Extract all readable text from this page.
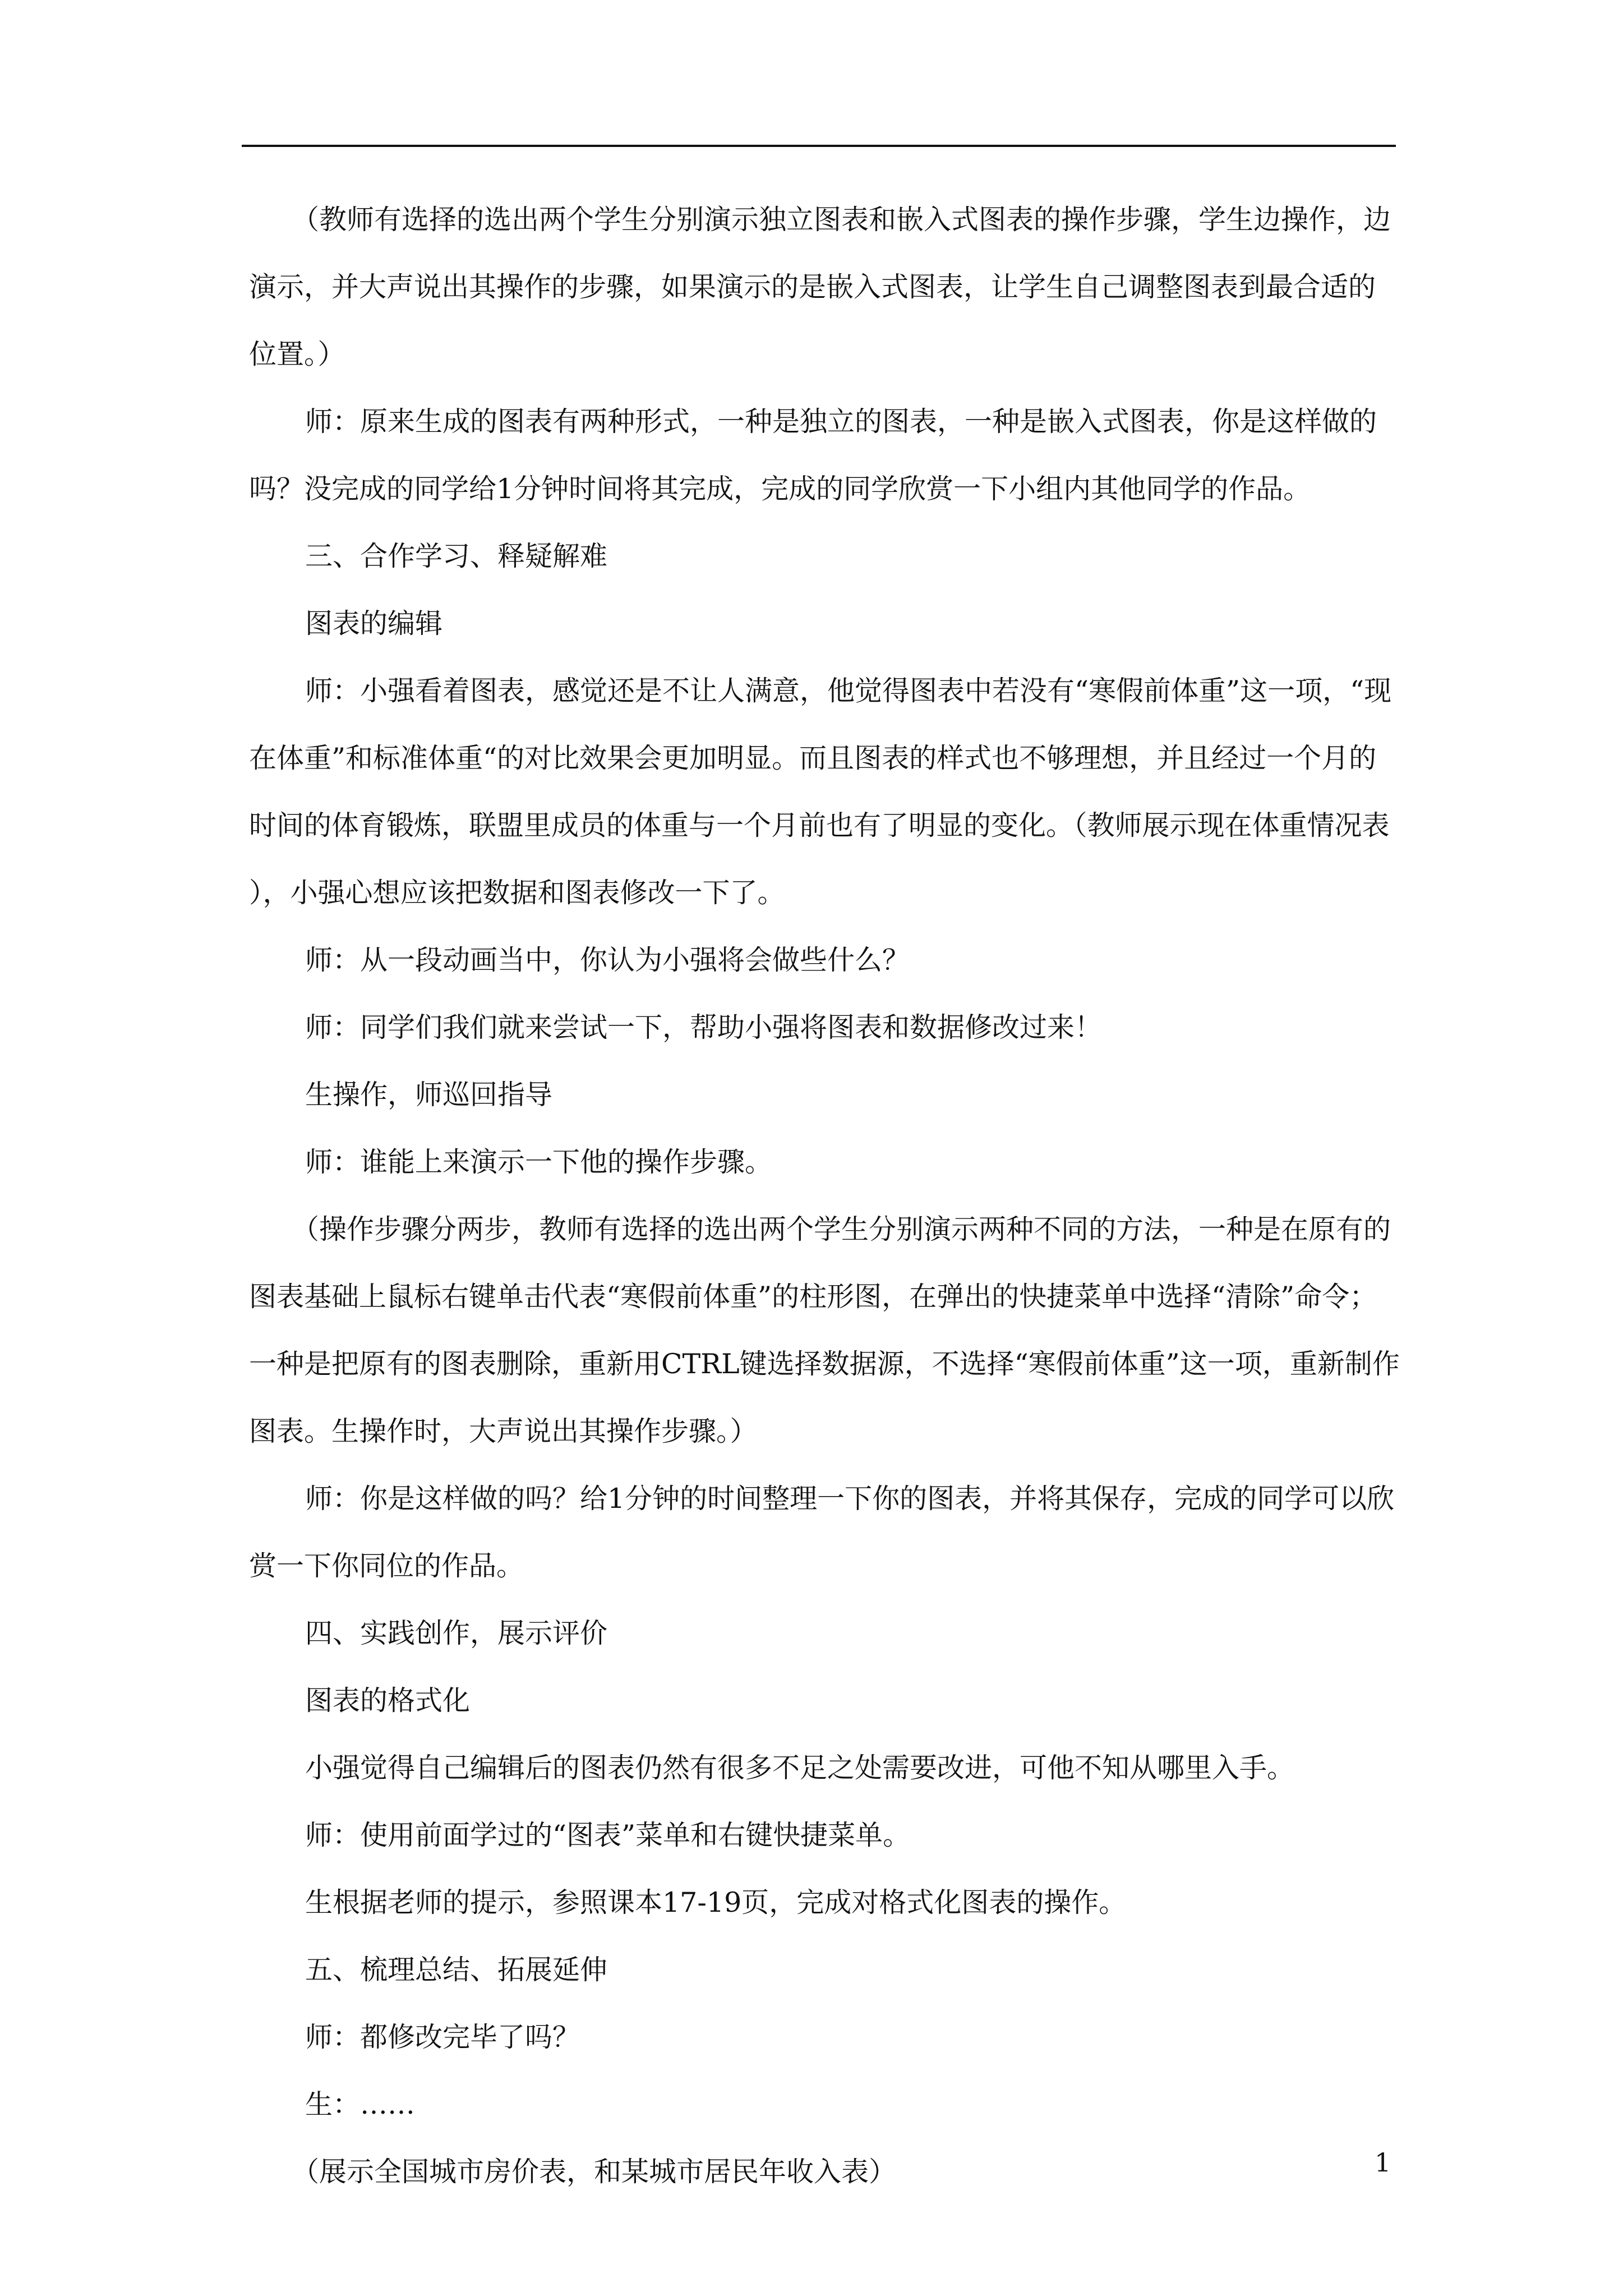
（教师有选择的选出两个学生分别演示独立图表和嵌入式图表的操作步骤，学生边操作，边演示，并大声说出其操作的步骤，如果演示的是嵌入式图表，让学生自己调整图表到最合适的位置。）

师：原来生成的图表有两种形式，一种是独立的图表，一种是嵌入式图表，你是这样做的吗？没完成的同学给1分钟时间将其完成，完成的同学欣赏一下小组内其他同学的作品。

三、合作学习、释疑解难

图表的编辑

师：小强看着图表，感觉还是不让人满意，他觉得图表中若没有“寒假前体重”这一项，“现在体重”和标准体重“的对比效果会更加明显。而且图表的样式也不够理想，并且经过一个月的时间的体育锻炼，联盟里成员的体重与一个月前也有了明显的变化。（教师展示现在体重情况表），小强心想应该把数据和图表修改一下了。

师：从一段动画当中，你认为小强将会做些什么？

师：同学们我们就来尝试一下，帮助小强将图表和数据修改过来！

生操作，师巡回指导

师：谁能上来演示一下他的操作步骤。

（操作步骤分两步，教师有选择的选出两个学生分别演示两种不同的方法，一种是在原有的图表基础上鼠标右键单击代表“寒假前体重”的柱形图，在弹出的快捷菜单中选择“清除”命令；一种是把原有的图表删除，重新用CTRL键选择数据源，不选择“寒假前体重”这一项，重新制作图表。生操作时，大声说出其操作步骤。）

师：你是这样做的吗？给1分钟的时间整理一下你的图表，并将其保存，完成的同学可以欣赏一下你同位的作品。

四、实践创作，展示评价

图表的格式化

小强觉得自己编辑后的图表仍然有很多不足之处需要改进，可他不知从哪里入手。

师：使用前面学过的“图表”菜单和右键快捷菜单。

生根据老师的提示，参照课本17-19页，完成对格式化图表的操作。

五、梳理总结、拓展延伸

师：都修改完毕了吗？

生：……

（展示全国城市房价表，和某城市居民年收入表）	1
